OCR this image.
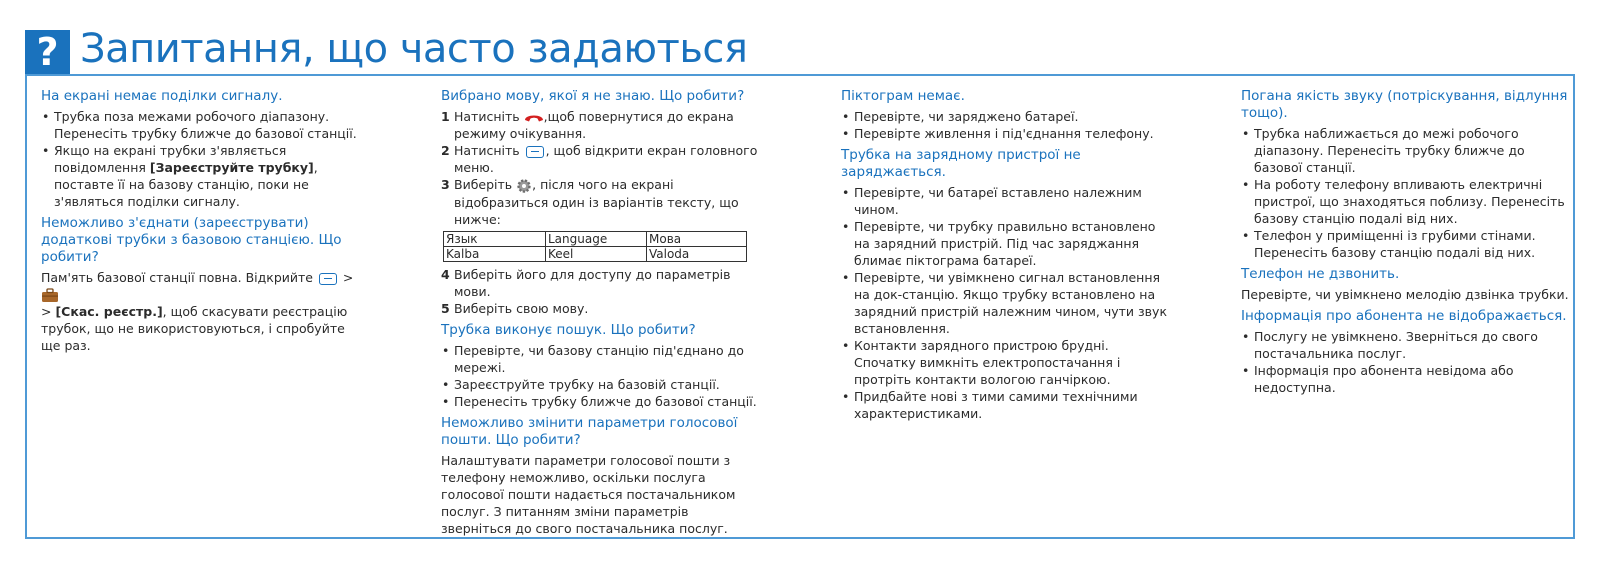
? Запитання, що часто задаються

На екрані немає поділки сигналу.

• Трубка поза межами робочого діапазону. Перенесіть трубку ближче до базової станції.
• Якщо на екрані трубки з'являється повідомлення [Зареєструйте трубку], поставте її на базову станцію, поки не з'являться поділки сигналу.

Неможливо з'єднати (зареєструвати) додаткові трубки з базовою станцією. Що робити?

Пам'ять базової станції повна. Відкрийте  >
> [Скас. реєстр.], щоб скасувати реєстрацію трубок, що не використовуються, і спробуйте ще раз.

Вибрано мову, якої я не знаю. Що робити?

1 Натисніть ,щоб повернутися до екрана режиму очікування.
2 Натисніть , щоб відкрити екран головного меню.
3 Виберіть , після чого на екрані відобразиться один із варіантів тексту, що нижче:
Язык	Language	Мова
Kalba	Keel	Valoda
4 Виберіть його для доступу до параметрів мови.
5 Виберіть свою мову.

Трубка виконує пошук. Що робити?

• Перевірте, чи базову станцію під'єднано до мережі.
• Зареєструйте трубку на базовій станції.
• Перенесіть трубку ближче до базової станції.

Неможливо змінити параметри голосової пошти. Що робити?

Налаштувати параметри голосової пошти з телефону неможливо, оскільки послуга голосової пошти надається постачальником послуг. З питанням зміни параметрів зверніться до свого постачальника послуг.

Піктограм немає.

• Перевірте, чи заряджено батареї.
• Перевірте живлення і під'єднання телефону.

Трубка на зарядному пристрої не заряджається.

• Перевірте, чи батареї вставлено належним чином.
• Перевірте, чи трубку правильно встановлено на зарядний пристрій. Під час заряджання блимає піктограма батареї.
• Перевірте, чи увімкнено сигнал встановлення на док-станцію. Якщо трубку встановлено на зарядний пристрій належним чином, чути звук встановлення.
• Контакти зарядного пристрою брудні. Спочатку вимкніть електропостачання і протріть контакти вологою ганчіркою.
• Придбайте нові з тими самими технічними характеристиками.

Погана якість звуку (потріскування, відлуння тощо).

• Трубка наближається до межі робочого діапазону. Перенесіть трубку ближче до базової станції.
• На роботу телефону впливають електричні пристрої, що знаходяться поблизу. Перенесіть базову станцію подалі від них.
• Телефон у приміщенні із грубими стінами. Перенесіть базову станцію подалі від них.

Телефон не дзвонить.

Перевірте, чи увімкнено мелодію дзвінка трубки.

Інформація про абонента не відображається.

• Послугу не увімкнено. Зверніться до свого постачальника послуг.
• Інформація про абонента невідома або недоступна.
